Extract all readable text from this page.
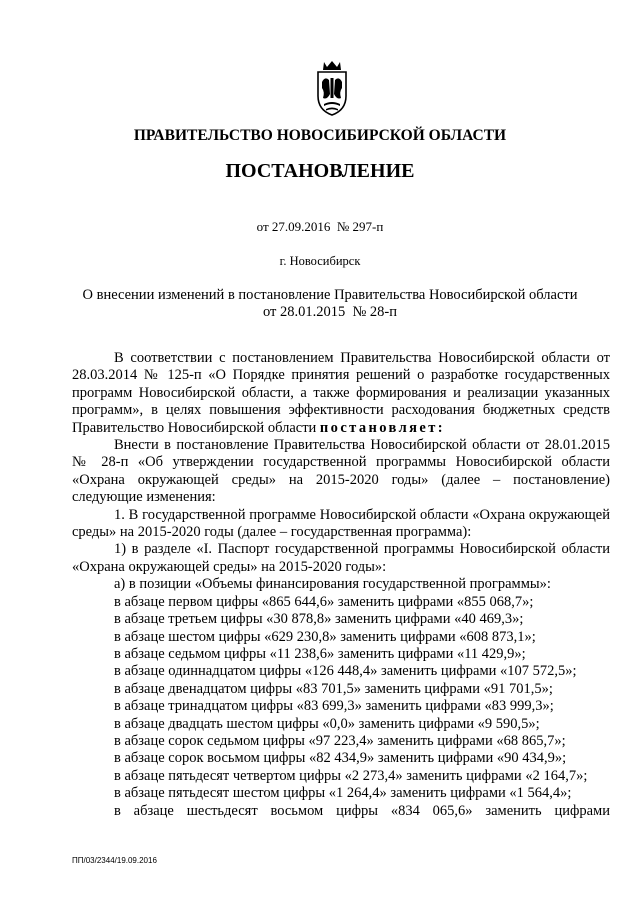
ПРАВИТЕЛЬСТВО НОВОСИБИРСКОЙ ОБЛАСТИ
ПОСТАНОВЛЕНИЕ
от 27.09.2016  № 297-п
г. Новосибирск
О внесении изменений в постановление Правительства Новосибирской области
от 28.01.2015  № 28-п

В соответствии с постановлением Правительства Новосибирской области от 28.03.2014 № 125-п «О Порядке принятия решений о разработке государственных программ Новосибирской области, а также формирования и реализации указанных программ», в целях повышения эффективности расходования бюджетных средств Правительство Новосибирской области постановляет:

Внести в постановление Правительства Новосибирской области от 28.01.2015 № 28-п «Об утверждении государственной программы Новосибирской области «Охрана окружающей среды» на 2015-2020 годы» (далее – постановление) следующие изменения:

1. В государственной программе Новосибирской области «Охрана окружающей среды» на 2015-2020 годы (далее – государственная программа):

1) в разделе «I. Паспорт государственной программы Новосибирской области «Охрана окружающей среды» на 2015-2020 годы»:

а) в позиции «Объемы финансирования государственной программы»:

в абзаце первом цифры «865 644,6» заменить цифрами «855 068,7»;

в абзаце третьем цифры «30 878,8» заменить цифрами «40 469,3»;

в абзаце шестом цифры «629 230,8» заменить цифрами «608 873,1»;

в абзаце седьмом цифры «11 238,6» заменить цифрами «11 429,9»;

в абзаце одиннадцатом цифры «126 448,4» заменить цифрами «107 572,5»;

в абзаце двенадцатом цифры «83 701,5» заменить цифрами «91 701,5»;

в абзаце тринадцатом цифры «83 699,3» заменить цифрами «83 999,3»;

в абзаце двадцать шестом цифры «0,0» заменить цифрами «9 590,5»;

в абзаце сорок седьмом цифры «97 223,4» заменить цифрами «68 865,7»;

в абзаце сорок восьмом цифры «82 434,9» заменить цифрами «90 434,9»;

в абзаце пятьдесят четвертом цифры «2 273,4» заменить цифрами «2 164,7»;

в абзаце пятьдесят шестом цифры «1 264,4» заменить цифрами «1 564,4»;

в абзаце шестьдесят восьмом цифры «834 065,6» заменить цифрами

ПП/03/2344/19.09.2016
